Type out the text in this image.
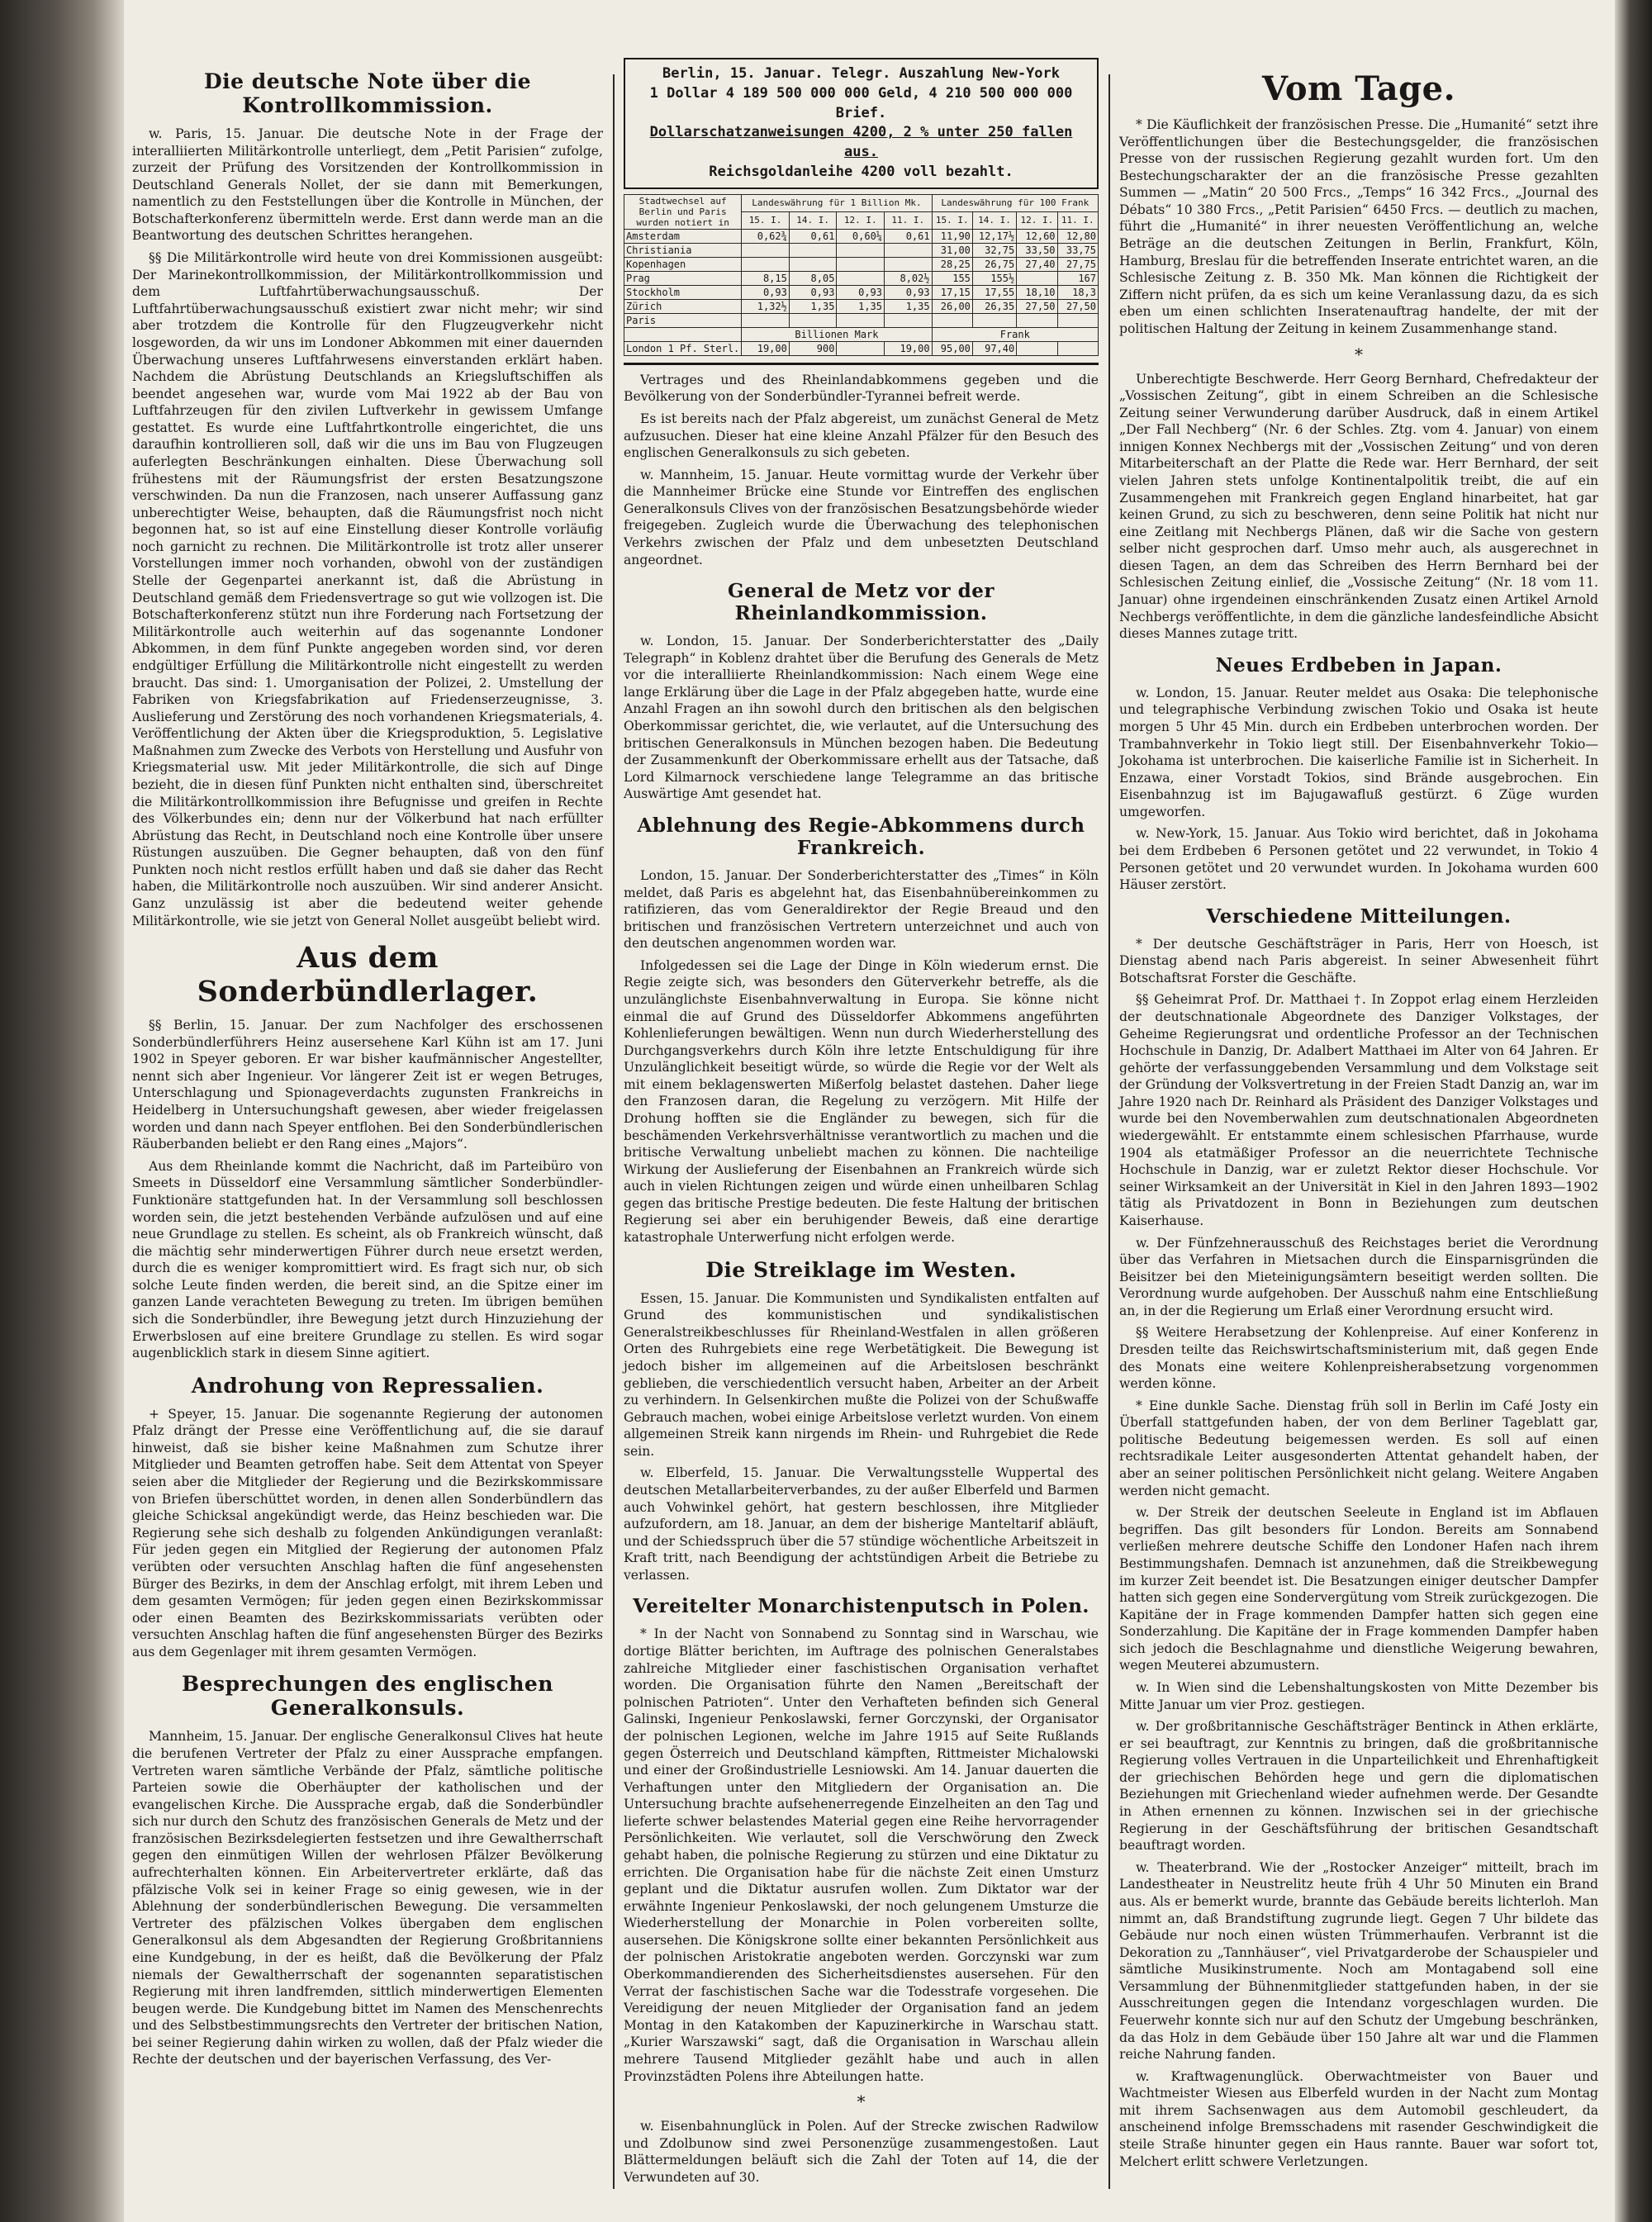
Die deutsche Note über die Kontrollkommission.

w. Paris, 15. Januar. Die deutsche Note in der Frage der interalliierten Militärkontrolle unterliegt, dem „Petit Parisien“ zufolge, zurzeit der Prüfung des Vorsitzenden der Kontrollkommission in Deutschland Generals Nollet, der sie dann mit Bemerkungen, namentlich zu den Feststellungen über die Kontrolle in München, der Botschafterkonferenz übermitteln werde. Erst dann werde man an die Beantwortung des deutschen Schrittes herangehen.

§§ Die Militärkontrolle wird heute von drei Kommissionen ausgeübt: Der Marinekontrollkommission, der Militärkontrollkommission und dem Luftfahrtüberwachungsausschuß. Der Luftfahrtüberwachungsausschuß existiert zwar nicht mehr; wir sind aber trotzdem die Kontrolle für den Flugzeugverkehr nicht losgeworden, da wir uns im Londoner Abkommen mit einer dauernden Überwachung unseres Luftfahrwesens einverstanden erklärt haben. Nachdem die Abrüstung Deutschlands an Kriegsluftschiffen als beendet angesehen war, wurde vom Mai 1922 ab der Bau von Luftfahrzeugen für den zivilen Luftverkehr in gewissem Umfange gestattet. Es wurde eine Luftfahrtkontrolle eingerichtet, die uns daraufhin kontrollieren soll, daß wir die uns im Bau von Flugzeugen auferlegten Beschränkungen einhalten. Diese Überwachung soll frühestens mit der Räumungsfrist der ersten Besatzungszone verschwinden. Da nun die Franzosen, nach unserer Auffassung ganz unberechtigter Weise, behaupten, daß die Räumungsfrist noch nicht begonnen hat, so ist auf eine Einstellung dieser Kontrolle vorläufig noch garnicht zu rechnen. Die Militärkontrolle ist trotz aller unserer Vorstellungen immer noch vorhanden, obwohl von der zuständigen Stelle der Gegenpartei anerkannt ist, daß die Abrüstung in Deutschland gemäß dem Friedensvertrage so gut wie vollzogen ist. Die Botschafterkonferenz stützt nun ihre Forderung nach Fortsetzung der Militärkontrolle auch weiterhin auf das sogenannte Londoner Abkommen, in dem fünf Punkte angegeben worden sind, vor deren endgültiger Erfüllung die Militärkontrolle nicht eingestellt zu werden braucht. Das sind: 1. Umorganisation der Polizei, 2. Umstellung der Fabriken von Kriegsfabrikation auf Friedenserzeugnisse, 3. Auslieferung und Zerstörung des noch vorhandenen Kriegsmaterials, 4. Veröffentlichung der Akten über die Kriegsproduktion, 5. Legislative Maßnahmen zum Zwecke des Verbots von Herstellung und Ausfuhr von Kriegsmaterial usw. Mit jeder Militärkontrolle, die sich auf Dinge bezieht, die in diesen fünf Punkten nicht enthalten sind, überschreitet die Militärkontrollkommission ihre Befugnisse und greifen in Rechte des Völkerbundes ein; denn nur der Völkerbund hat nach erfüllter Abrüstung das Recht, in Deutschland noch eine Kontrolle über unsere Rüstungen auszuüben. Die Gegner behaupten, daß von den fünf Punkten noch nicht restlos erfüllt haben und daß sie daher das Recht haben, die Militärkontrolle noch auszuüben. Wir sind anderer Ansicht. Ganz unzulässig ist aber die bedeutend weiter gehende Militärkontrolle, wie sie jetzt von General Nollet ausgeübt beliebt wird.

Aus dem Sonderbündlerlager.

§§ Berlin, 15. Januar. Der zum Nachfolger des erschossenen Sonderbündlerführers Heinz ausersehene Karl Kühn ist am 17. Juni 1902 in Speyer geboren. Er war bisher kaufmännischer Angestellter, nennt sich aber Ingenieur. Vor längerer Zeit ist er wegen Betruges, Unterschlagung und Spionageverdachts zugunsten Frankreichs in Heidelberg in Untersuchungshaft gewesen, aber wieder freigelassen worden und dann nach Speyer entflohen. Bei den Sonderbündlerischen Räuberbanden beliebt er den Rang eines „Majors“.

Aus dem Rheinlande kommt die Nachricht, daß im Parteibüro von Smeets in Düsseldorf eine Versammlung sämtlicher Sonderbündler-Funktionäre stattgefunden hat. In der Versammlung soll beschlossen worden sein, die jetzt bestehenden Verbände aufzulösen und auf eine neue Grundlage zu stellen. Es scheint, als ob Frankreich wünscht, daß die mächtig sehr minderwertigen Führer durch neue ersetzt werden, durch die es weniger kompromittiert wird. Es fragt sich nur, ob sich solche Leute finden werden, die bereit sind, an die Spitze einer im ganzen Lande verachteten Bewegung zu treten. Im übrigen bemühen sich die Sonderbündler, ihre Bewegung jetzt durch Hinzuziehung der Erwerbslosen auf eine breitere Grundlage zu stellen. Es wird sogar augenblicklich stark in diesem Sinne agitiert.

Androhung von Repressalien.

+ Speyer, 15. Januar. Die sogenannte Regierung der autonomen Pfalz drängt der Presse eine Veröffentlichung auf, die sie darauf hinweist, daß sie bisher keine Maßnahmen zum Schutze ihrer Mitglieder und Beamten getroffen habe. Seit dem Attentat von Speyer seien aber die Mitglieder der Regierung und die Bezirkskommissare von Briefen überschüttet worden, in denen allen Sonderbündlern das gleiche Schicksal angekündigt werde, das Heinz beschieden war. Die Regierung sehe sich deshalb zu folgenden Ankündigungen veranlaßt: Für jeden gegen ein Mitglied der Regierung der autonomen Pfalz verübten oder versuchten Anschlag haften die fünf angesehensten Bürger des Bezirks, in dem der Anschlag erfolgt, mit ihrem Leben und dem gesamten Vermögen; für jeden gegen einen Bezirkskommissar oder einen Beamten des Bezirkskommissariats verübten oder versuchten Anschlag haften die fünf angesehensten Bürger des Bezirks aus dem Gegenlager mit ihrem gesamten Vermögen.

Besprechungen des englischen Generalkonsuls.

Mannheim, 15. Januar. Der englische Generalkonsul Clives hat heute die berufenen Vertreter der Pfalz zu einer Aussprache empfangen. Vertreten waren sämtliche Verbände der Pfalz, sämtliche politische Parteien sowie die Oberhäupter der katholischen und der evangelischen Kirche. Die Aussprache ergab, daß die Sonderbündler sich nur durch den Schutz des französischen Generals de Metz und der französischen Bezirksdelegierten festsetzen und ihre Gewaltherrschaft gegen den einmütigen Willen der wehrlosen Pfälzer Bevölkerung aufrechterhalten können. Ein Arbeitervertreter erklärte, daß das pfälzische Volk sei in keiner Frage so einig gewesen, wie in der Ablehnung der sonderbündlerischen Bewegung. Die versammelten Vertreter des pfälzischen Volkes übergaben dem englischen Generalkonsul als dem Abgesandten der Regierung Großbritanniens eine Kundgebung, in der es heißt, daß die Bevölkerung der Pfalz niemals der Gewaltherrschaft der sogenannten separatistischen Regierung mit ihren landfremden, sittlich minderwertigen Elementen beugen werde. Die Kundgebung bittet im Namen des Menschenrechts und des Selbstbestimmungsrechts den Vertreter der britischen Nation, bei seiner Regierung dahin wirken zu wollen, daß der Pfalz wieder die Rechte der deutschen und der bayerischen Verfassung, des Ver-

Berlin, 15. Januar. Telegr. Auszahlung New-York
1 Dollar 4 189 500 000 000 Geld, 4 210 500 000 000 Brief.
Dollarschatzanweisungen 4200, 2 % unter 250 fallen aus.
Reichsgoldanleihe 4200 voll bezahlt.
Stadtwechsel auf Berlin und Paris wurden notiert in	Landeswährung für 1 Billion Mk.				Landeswährung für 100 Frank			
	15. I.	14. I.	12. I.	11. I.	15. I.	14. I.	12. I.	11. I.
Amsterdam	0,62¾	0,61	0,60¼	0,61	11,90	12,17½	12,60	12,80
Christiania					31,00	32,75	33,50	33,75
Kopenhagen					28,25	26,75	27,40	27,75
Prag	8,15	8,05		8,02½	155	155½		167
Stockholm	0,93	0,93	0,93	0,93	17,15	17,55	18,10	18,3
Zürich	1,32½	1,35	1,35	1,35	26,00	26,35	27,50	27,50
Paris								
	Billionen Mark				Frank			
London 1 Pf. Sterl.	19,00	900		19,00	95,00	97,40		

Vertrages und des Rheinlandabkommens gegeben und die Bevölkerung von der Sonderbündler-Tyrannei befreit werde.

Es ist bereits nach der Pfalz abgereist, um zunächst General de Metz aufzusuchen. Dieser hat eine kleine Anzahl Pfälzer für den Besuch des englischen Generalkonsuls zu sich gebeten.

w. Mannheim, 15. Januar. Heute vormittag wurde der Verkehr über die Mannheimer Brücke eine Stunde vor Eintreffen des englischen Generalkonsuls Clives von der französischen Besatzungsbehörde wieder freigegeben. Zugleich wurde die Überwachung des telephonischen Verkehrs zwischen der Pfalz und dem unbesetzten Deutschland angeordnet.

General de Metz vor der Rheinlandkommission.

w. London, 15. Januar. Der Sonderberichterstatter des „Daily Telegraph“ in Koblenz drahtet über die Berufung des Generals de Metz vor die interalliierte Rheinlandkommission: Nach einem Wege eine lange Erklärung über die Lage in der Pfalz abgegeben hatte, wurde eine Anzahl Fragen an ihn sowohl durch den britischen als den belgischen Oberkommissar gerichtet, die, wie verlautet, auf die Untersuchung des britischen Generalkonsuls in München bezogen haben. Die Bedeutung der Zusammenkunft der Oberkommissare erhellt aus der Tatsache, daß Lord Kilmarnock verschiedene lange Telegramme an das britische Auswärtige Amt gesendet hat.

Ablehnung des Regie-Abkommens durch Frankreich.

London, 15. Januar. Der Sonderberichterstatter des „Times“ in Köln meldet, daß Paris es abgelehnt hat, das Eisenbahnübereinkommen zu ratifizieren, das vom Generaldirektor der Regie Breaud und den britischen und französischen Vertretern unterzeichnet und auch von den deutschen angenommen worden war.

Infolgedessen sei die Lage der Dinge in Köln wiederum ernst. Die Regie zeigte sich, was besonders den Güterverkehr betreffe, als die unzulänglichste Eisenbahnverwaltung in Europa. Sie könne nicht einmal die auf Grund des Düsseldorfer Abkommens angeführten Kohlenlieferungen bewältigen. Wenn nun durch Wiederherstellung des Durchgangsverkehrs durch Köln ihre letzte Entschuldigung für ihre Unzulänglichkeit beseitigt würde, so würde die Regie vor der Welt als mit einem beklagenswerten Mißerfolg belastet dastehen. Daher liege den Franzosen daran, die Regelung zu verzögern. Mit Hilfe der Drohung hofften sie die Engländer zu bewegen, sich für die beschämenden Verkehrsverhältnisse verantwortlich zu machen und die britische Verwaltung unbeliebt machen zu können. Die nachteilige Wirkung der Auslieferung der Eisenbahnen an Frankreich würde sich auch in vielen Richtungen zeigen und würde einen unheilbaren Schlag gegen das britische Prestige bedeuten. Die feste Haltung der britischen Regierung sei aber ein beruhigender Beweis, daß eine derartige katastrophale Unterwerfung nicht erfolgen werde.

Die Streiklage im Westen.

Essen, 15. Januar. Die Kommunisten und Syndikalisten entfalten auf Grund des kommunistischen und syndikalistischen Generalstreikbeschlusses für Rheinland-Westfalen in allen größeren Orten des Ruhrgebiets eine rege Werbetätigkeit. Die Bewegung ist jedoch bisher im allgemeinen auf die Arbeitslosen beschränkt geblieben, die verschiedentlich versucht haben, Arbeiter an der Arbeit zu verhindern. In Gelsenkirchen mußte die Polizei von der Schußwaffe Gebrauch machen, wobei einige Arbeitslose verletzt wurden. Von einem allgemeinen Streik kann nirgends im Rhein- und Ruhrgebiet die Rede sein.

w. Elberfeld, 15. Januar. Die Verwaltungsstelle Wuppertal des deutschen Metallarbeiterverbandes, zu der außer Elberfeld und Barmen auch Vohwinkel gehört, hat gestern beschlossen, ihre Mitglieder aufzufordern, am 18. Januar, an dem der bisherige Manteltarif abläuft, und der Schiedsspruch über die 57 stündige wöchentliche Arbeitszeit in Kraft tritt, nach Beendigung der achtstündigen Arbeit die Betriebe zu verlassen.

Vereitelter Monarchistenputsch in Polen.

* In der Nacht von Sonnabend zu Sonntag sind in Warschau, wie dortige Blätter berichten, im Auftrage des polnischen Generalstabes zahlreiche Mitglieder einer faschistischen Organisation verhaftet worden. Die Organisation führte den Namen „Bereitschaft der polnischen Patrioten“. Unter den Verhafteten befinden sich General Galinski, Ingenieur Penkoslawski, ferner Gorczynski, der Organisator der polnischen Legionen, welche im Jahre 1915 auf Seite Rußlands gegen Österreich und Deutschland kämpften, Rittmeister Michalowski und einer der Großindustrielle Lesniowski. Am 14. Januar dauerten die Verhaftungen unter den Mitgliedern der Organisation an. Die Untersuchung brachte aufsehenerregende Einzelheiten an den Tag und lieferte schwer belastendes Material gegen eine Reihe hervorragender Persönlichkeiten. Wie verlautet, soll die Verschwörung den Zweck gehabt haben, die polnische Regierung zu stürzen und eine Diktatur zu errichten. Die Organisation habe für die nächste Zeit einen Umsturz geplant und die Diktatur ausrufen wollen. Zum Diktator war der erwähnte Ingenieur Penkoslawski, der noch gelungenem Umsturze die Wiederherstellung der Monarchie in Polen vorbereiten sollte, ausersehen. Die Königskrone sollte einer bekannten Persönlichkeit aus der polnischen Aristokratie angeboten werden. Gorczynski war zum Oberkommandierenden des Sicherheitsdienstes ausersehen. Für den Verrat der faschistischen Sache war die Todesstrafe vorgesehen. Die Vereidigung der neuen Mitglieder der Organisation fand an jedem Montag in den Katakomben der Kapuzinerkirche in Warschau statt. „Kurier Warszawski“ sagt, daß die Organisation in Warschau allein mehrere Tausend Mitglieder gezählt habe und auch in allen Provinzstädten Polens ihre Abteilungen hatte.

*

w. Eisenbahnunglück in Polen. Auf der Strecke zwischen Radwilow und Zdolbunow sind zwei Personenzüge zusammengestoßen. Laut Blättermeldungen beläuft sich die Zahl der Toten auf 14, die der Verwundeten auf 30.

Vom Tage.

* Die Käuflichkeit der französischen Presse. Die „Humanité“ setzt ihre Veröffentlichungen über die Bestechungsgelder, die französischen Presse von der russischen Regierung gezahlt wurden fort. Um den Bestechungscharakter der an die französische Presse gezahlten Summen — „Matin“ 20 500 Frcs., „Temps“ 16 342 Frcs., „Journal des Débats“ 10 380 Frcs., „Petit Parisien“ 6450 Frcs. — deutlich zu machen, führt die „Humanité“ in ihrer neuesten Veröffentlichung an, welche Beträge an die deutschen Zeitungen in Berlin, Frankfurt, Köln, Hamburg, Breslau für die betreffenden Inserate entrichtet waren, an die Schlesische Zeitung z. B. 350 Mk. Man können die Richtigkeit der Ziffern nicht prüfen, da es sich um keine Veranlassung dazu, da es sich eben um einen schlichten Inseratenauftrag handelte, der mit der politischen Haltung der Zeitung in keinem Zusammenhange stand.

*

Unberechtigte Beschwerde. Herr Georg Bernhard, Chefredakteur der „Vossischen Zeitung“, gibt in einem Schreiben an die Schlesische Zeitung seiner Verwunderung darüber Ausdruck, daß in einem Artikel „Der Fall Nechberg“ (Nr. 6 der Schles. Ztg. vom 4. Januar) von einem innigen Konnex Nechbergs mit der „Vossischen Zeitung“ und von deren Mitarbeiterschaft an der Platte die Rede war. Herr Bernhard, der seit vielen Jahren stets unfolge Kontinentalpolitik treibt, die auf ein Zusammengehen mit Frankreich gegen England hinarbeitet, hat gar keinen Grund, zu sich zu beschweren, denn seine Politik hat nicht nur eine Zeitlang mit Nechbergs Plänen, daß wir die Sache von gestern selber nicht gesprochen darf. Umso mehr auch, als ausgerechnet in diesen Tagen, an dem das Schreiben des Herrn Bernhard bei der Schlesischen Zeitung einlief, die „Vossische Zeitung“ (Nr. 18 vom 11. Januar) ohne irgendeinen einschränkenden Zusatz einen Artikel Arnold Nechbergs veröffentlichte, in dem die gänzliche landesfeindliche Absicht dieses Mannes zutage tritt.

Neues Erdbeben in Japan.

w. London, 15. Januar. Reuter meldet aus Osaka: Die telephonische und telegraphische Verbindung zwischen Tokio und Osaka ist heute morgen 5 Uhr 45 Min. durch ein Erdbeben unterbrochen worden. Der Trambahnverkehr in Tokio liegt still. Der Eisenbahnverkehr Tokio—Jokohama ist unterbrochen. Die kaiserliche Familie ist in Sicherheit. In Enzawa, einer Vorstadt Tokios, sind Brände ausgebrochen. Ein Eisenbahnzug ist im Bajugawafluß gestürzt. 6 Züge wurden umgeworfen.

w. New-York, 15. Januar. Aus Tokio wird berichtet, daß in Jokohama bei dem Erdbeben 6 Personen getötet und 22 verwundet, in Tokio 4 Personen getötet und 20 verwundet wurden. In Jokohama wurden 600 Häuser zerstört.

Verschiedene Mitteilungen.

* Der deutsche Geschäftsträger in Paris, Herr von Hoesch, ist Dienstag abend nach Paris abgereist. In seiner Abwesenheit führt Botschaftsrat Forster die Geschäfte.

§§ Geheimrat Prof. Dr. Matthaei †. In Zoppot erlag einem Herzleiden der deutschnationale Abgeordnete des Danziger Volkstages, der Geheime Regierungsrat und ordentliche Professor an der Technischen Hochschule in Danzig, Dr. Adalbert Matthaei im Alter von 64 Jahren. Er gehörte der verfassunggebenden Versammlung und dem Volkstage seit der Gründung der Volksvertretung in der Freien Stadt Danzig an, war im Jahre 1920 nach Dr. Reinhard als Präsident des Danziger Volkstages und wurde bei den Novemberwahlen zum deutschnationalen Abgeordneten wiedergewählt. Er entstammte einem schlesischen Pfarrhause, wurde 1904 als etatmäßiger Professor an die neuerrichtete Technische Hochschule in Danzig, war er zuletzt Rektor dieser Hochschule. Vor seiner Wirksamkeit an der Universität in Kiel in den Jahren 1893—1902 tätig als Privatdozent in Bonn in Beziehungen zum deutschen Kaiserhause.

w. Der Fünfzehnerausschuß des Reichstages beriet die Verordnung über das Verfahren in Mietsachen durch die Einsparnisgründen die Beisitzer bei den Mieteinigungsämtern beseitigt werden sollten. Die Verordnung wurde aufgehoben. Der Ausschuß nahm eine Entschließung an, in der die Regierung um Erlaß einer Verordnung ersucht wird.

§§ Weitere Herabsetzung der Kohlenpreise. Auf einer Konferenz in Dresden teilte das Reichswirtschaftsministerium mit, daß gegen Ende des Monats eine weitere Kohlenpreisherabsetzung vorgenommen werden könne.

* Eine dunkle Sache. Dienstag früh soll in Berlin im Café Josty ein Überfall stattgefunden haben, der von dem Berliner Tageblatt gar, politische Bedeutung beigemessen werden. Es soll auf einen rechtsradikale Leiter ausgesonderten Attentat gehandelt haben, der aber an seiner politischen Persönlichkeit nicht gelang. Weitere Angaben werden nicht gemacht.

w. Der Streik der deutschen Seeleute in England ist im Abflauen begriffen. Das gilt besonders für London. Bereits am Sonnabend verließen mehrere deutsche Schiffe den Londoner Hafen nach ihrem Bestimmungshafen. Demnach ist anzunehmen, daß die Streikbewegung im kurzer Zeit beendet ist. Die Besatzungen einiger deutscher Dampfer hatten sich gegen eine Sondervergütung vom Streik zurückgezogen. Die Kapitäne der in Frage kommenden Dampfer hatten sich gegen eine Sonderzahlung. Die Kapitäne der in Frage kommenden Dampfer haben sich jedoch die Beschlagnahme und dienstliche Weigerung bewahren, wegen Meuterei abzumustern.

w. In Wien sind die Lebenshaltungskosten von Mitte Dezember bis Mitte Januar um vier Proz. gestiegen.

w. Der großbritannische Geschäftsträger Bentinck in Athen erklärte, er sei beauftragt, zur Kenntnis zu bringen, daß die großbritannische Regierung volles Vertrauen in die Unparteilichkeit und Ehrenhaftigkeit der griechischen Behörden hege und gern die diplomatischen Beziehungen mit Griechenland wieder aufnehmen werde. Der Gesandte in Athen ernennen zu können. Inzwischen sei in der griechische Regierung in der Geschäftsführung der britischen Gesandtschaft beauftragt worden.

w. Theaterbrand. Wie der „Rostocker Anzeiger“ mitteilt, brach im Landestheater in Neustrelitz heute früh 4 Uhr 50 Minuten ein Brand aus. Als er bemerkt wurde, brannte das Gebäude bereits lichterloh. Man nimmt an, daß Brandstiftung zugrunde liegt. Gegen 7 Uhr bildete das Gebäude nur noch einen wüsten Trümmerhaufen. Verbrannt ist die Dekoration zu „Tannhäuser“, viel Privatgarderobe der Schauspieler und sämtliche Musikinstrumente. Noch am Montagabend soll eine Versammlung der Bühnenmitglieder stattgefunden haben, in der sie Ausschreitungen gegen die Intendanz vorgeschlagen wurden. Die Feuerwehr konnte sich nur auf den Schutz der Umgebung beschränken, da das Holz in dem Gebäude über 150 Jahre alt war und die Flammen reiche Nahrung fanden.

w. Kraftwagenunglück. Oberwachtmeister von Bauer und Wachtmeister Wiesen aus Elberfeld wurden in der Nacht zum Montag mit ihrem Sachsenwagen aus dem Automobil geschleudert, da anscheinend infolge Bremsschadens mit rasender Geschwindigkeit die steile Straße hinunter gegen ein Haus rannte. Bauer war sofort tot, Melchert erlitt schwere Verletzungen.
